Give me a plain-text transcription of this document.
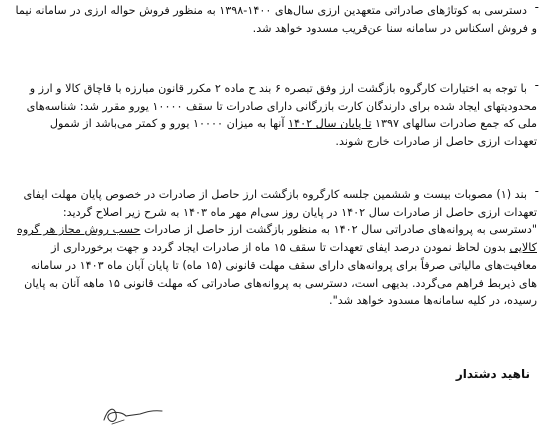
دسترسی به کوتاژهای صادراتی متعهدین ارزی سال‌های ۱۴۰۰-۱۳۹۸ به منظور فروش حواله ارزی در سامانه نیما
و فروش اسکناس در سامانه سنا عن‌قریب مسدود خواهد شد.
با توجه به اختیارات کارگروه بازگشت ارز وفق تبصره ۶ بند ح ماده ۲ مکرر قانون مبارزه با قاچاق کالا و ارز و
محدودیتهای ایجاد شده برای دارندگان کارت بازرگانی دارای صادرات تا سقف ۱۰۰۰۰ یورو مقرر شد: شناسه‌های
ملی که جمع صادرات سالهای ۱۳۹۷ تا پایان سال ۱۴۰۲ آنها به میزان ۱۰۰۰۰ یورو و کمتر می‌باشد از شمول
تعهدات ارزی حاصل از صادرات خارج شوند.
بند (۱) مصوبات بیست و ششمین جلسه کارگروه بازگشت ارز حاصل از صادرات در خصوص پایان مهلت ایفای
تعهدات ارزی حاصل از صادرات سال ۱۴۰۲ در پایان روز سی‌ام مهر ماه ۱۴۰۳ به شرح زیر اصلاح گردید:
"دسترسی به پروانه‌های صادراتی سال ۱۴۰۲ به منظور بازگشت ارز حاصل از صادرات حسب روش مجاز هر گروه
کالایی بدون لحاظ نمودن درصد ایفای تعهدات تا سقف ۱۵ ماه از صادرات ایجاد گردد و جهت برخورداری از
معافیت‌های مالیاتی صرفاً برای پروانه‌های دارای سقف مهلت قانونی (۱۵ ماه) تا پایان آبان ماه ۱۴۰۳ در سامانه
های ذیربط فراهم می‌گردد. بدیهی است، دسترسی به پروانه‌های صادراتی که مهلت قانونی ۱۵ ماهه آنان به پایان
رسیده، در کلیه سامانه‌ها مسدود خواهد شد".
ناهید دشتدار
